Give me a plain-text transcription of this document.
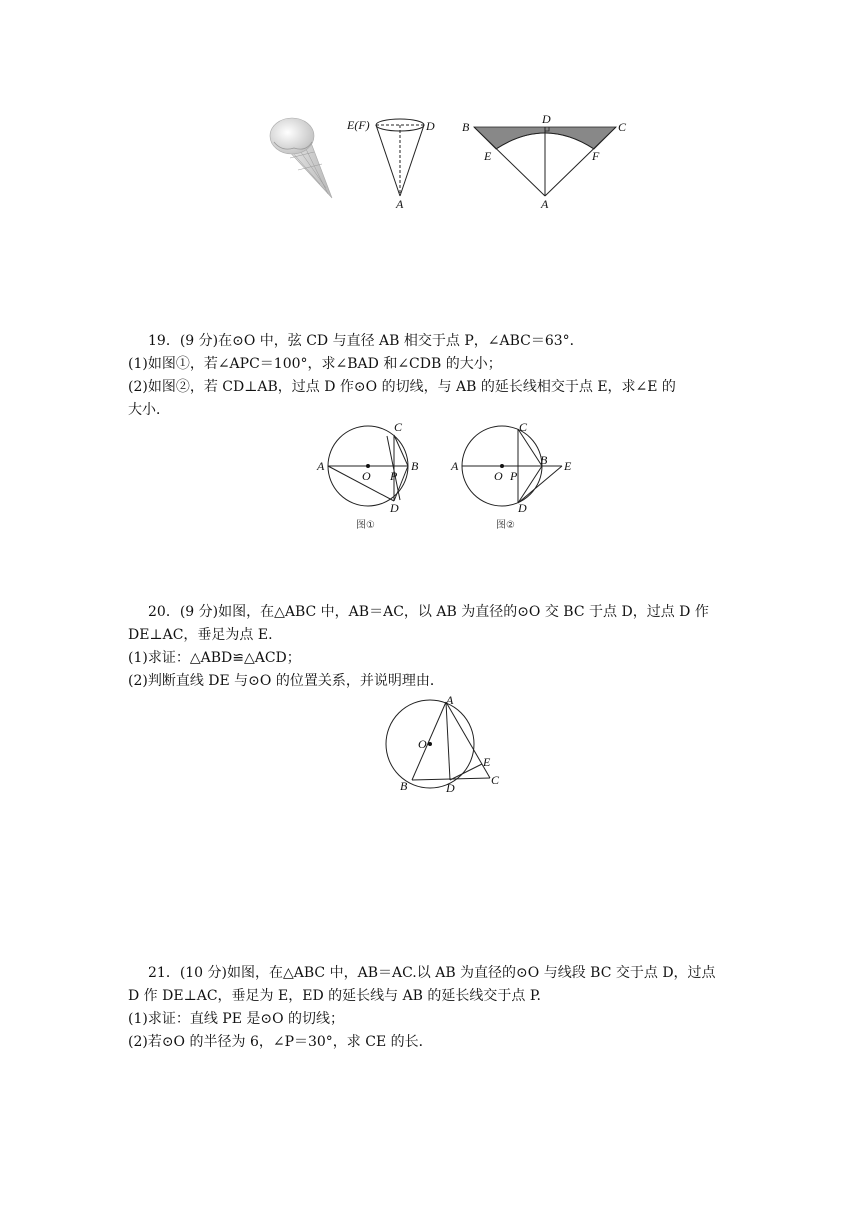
E(F)	D
A
B
D
C
E	F
A
19．(9 分)在⊙O 中，弦 CD 与直径 AB 相交于点 P，∠ABC＝63°．
(1)如图①，若∠APC＝100°，求∠BAD 和∠CDB 的大小；
(2)如图②，若 CD⊥AB，过点 D 作⊙O 的切线，与 AB 的延长线相交于点 E，求∠E 的
大小．
A
O P
B
C
D
图①
A
O P
B
C
D
E
图②
20．(9 分)如图，在△ABC 中，AB＝AC，以 AB 为直径的⊙O 交 BC 于点 D，过点 D 作
DE⊥AC，垂足为点 E.
(1)求证：△ABD≌△ACD；
(2)判断直线 DE 与⊙O 的位置关系，并说明理由．
A
O
B	D
E
C
21．(10 分)如图，在△ABC 中，AB＝AC.以 AB 为直径的⊙O 与线段 BC 交于点 D，过点
D 作 DE⊥AC，垂足为 E，ED 的延长线与 AB 的延长线交于点 P.
(1)求证：直线 PE 是⊙O 的切线；
(2)若⊙O 的半径为 6，∠P＝30°，求 CE 的长．
